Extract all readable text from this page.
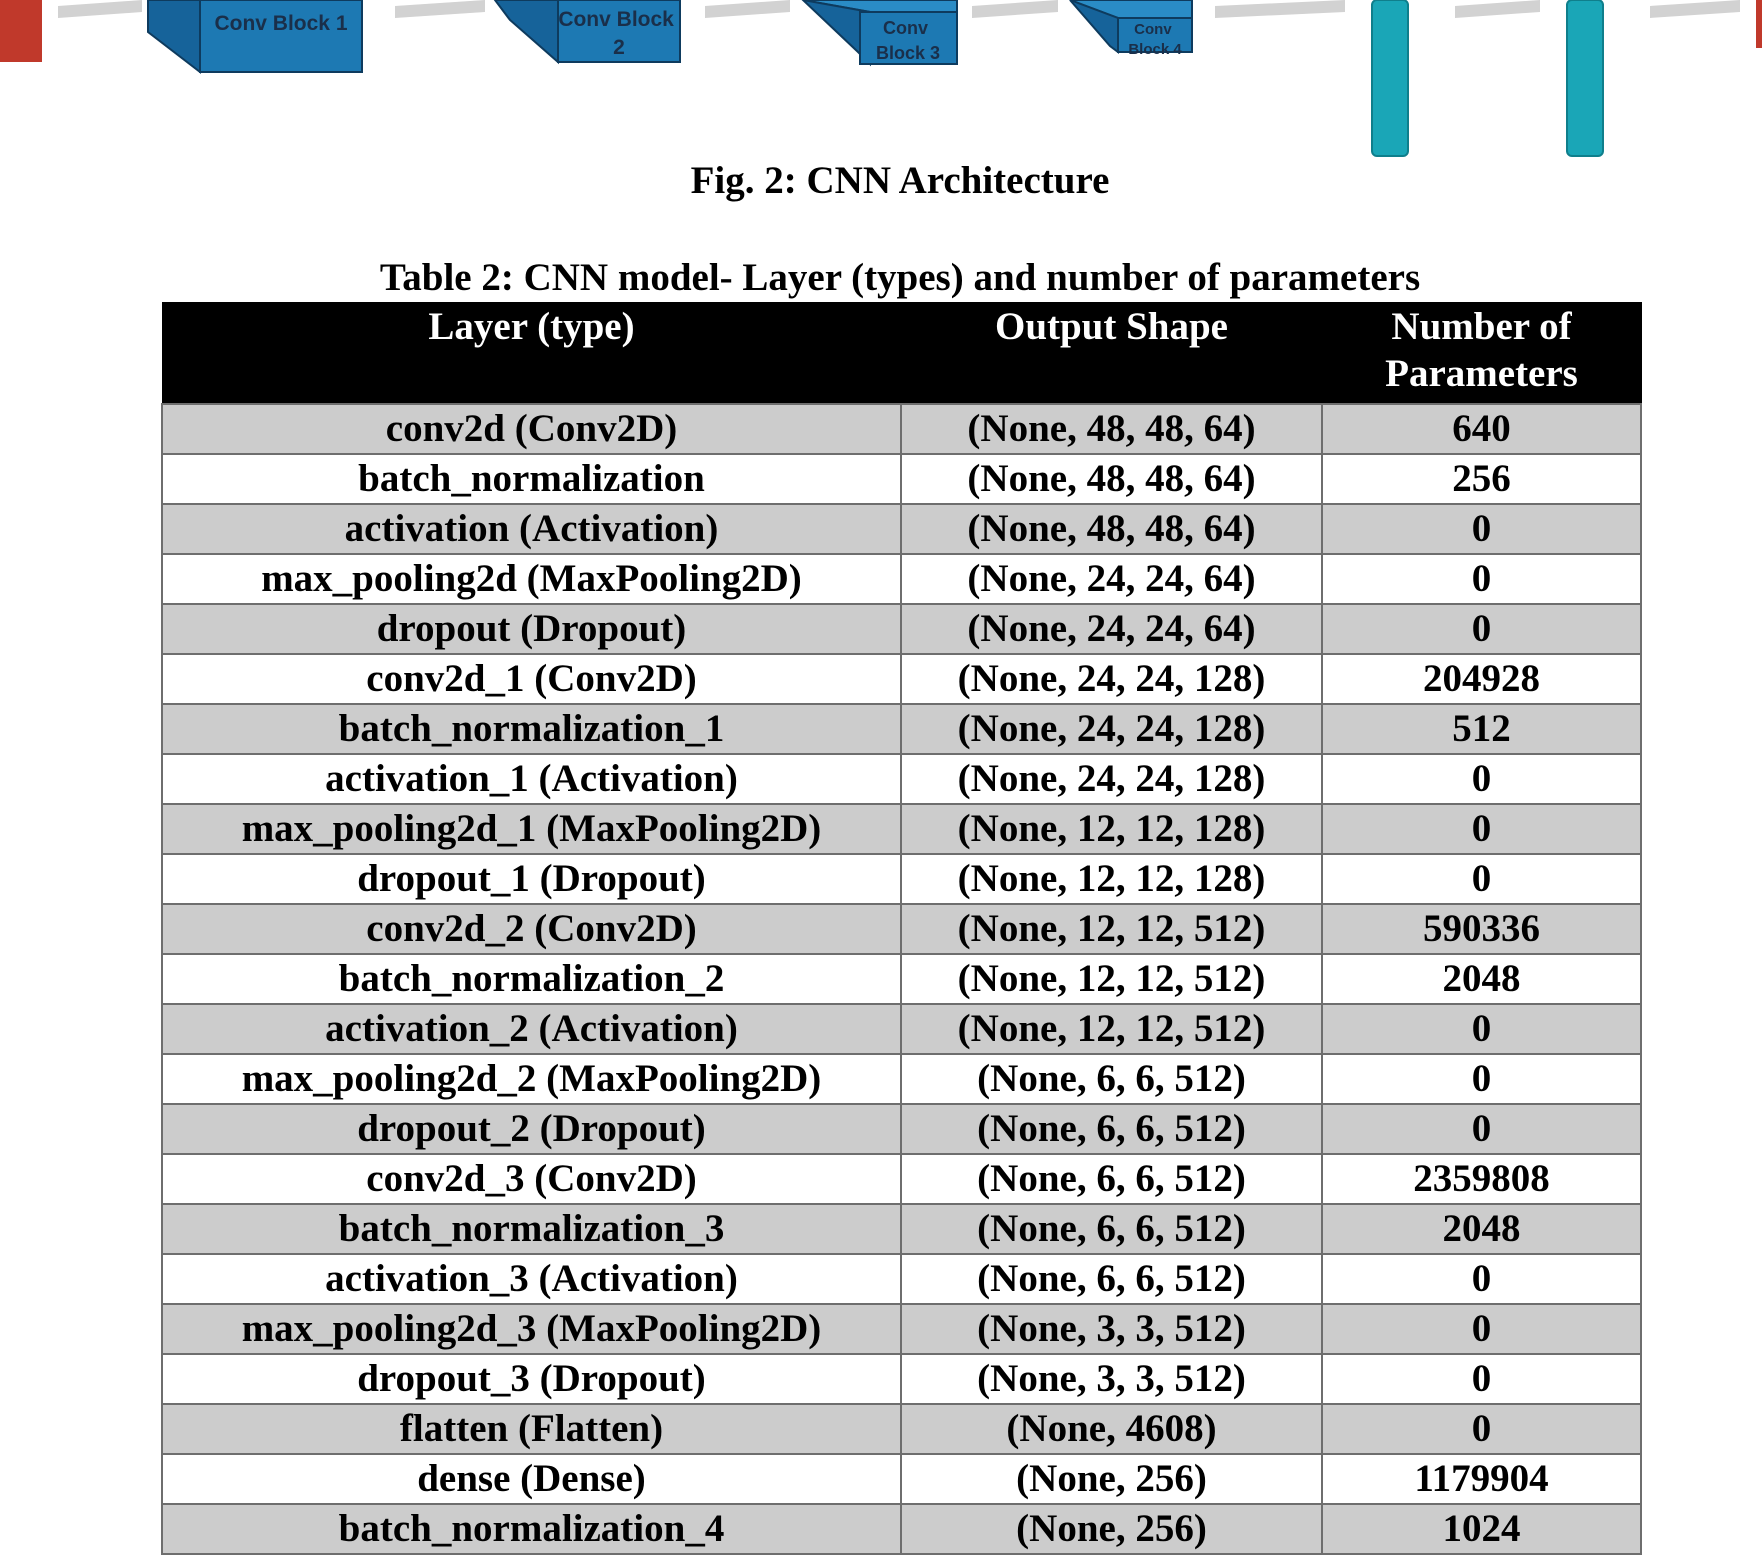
Conv Block 1	Conv Block 2
Conv Block 3
Conv Block 4

Fig. 2: CNN Architecture

Table 2: CNN model- Layer (types) and number of parameters

Layer (type)	Output Shape	Number of
Parameters
conv2d (Conv2D)	(None, 48, 48, 64)	640
batch_normalization	(None, 48, 48, 64)	256
activation (Activation)	(None, 48, 48, 64)	0
max_pooling2d (MaxPooling2D)	(None, 24, 24, 64)	0
dropout (Dropout)	(None, 24, 24, 64)	0
conv2d_1 (Conv2D)	(None, 24, 24, 128)	204928
batch_normalization_1	(None, 24, 24, 128)	512
activation_1 (Activation)	(None, 24, 24, 128)	0
max_pooling2d_1 (MaxPooling2D)	(None, 12, 12, 128)	0
dropout_1 (Dropout)	(None, 12, 12, 128)	0
conv2d_2 (Conv2D)	(None, 12, 12, 512)	590336
batch_normalization_2	(None, 12, 12, 512)	2048
activation_2 (Activation)	(None, 12, 12, 512)	0
max_pooling2d_2 (MaxPooling2D)	(None, 6, 6, 512)	0
dropout_2 (Dropout)	(None, 6, 6, 512)	0
conv2d_3 (Conv2D)	(None, 6, 6, 512)	2359808
batch_normalization_3	(None, 6, 6, 512)	2048
activation_3 (Activation)	(None, 6, 6, 512)	0
max_pooling2d_3 (MaxPooling2D)	(None, 3, 3, 512)	0
dropout_3 (Dropout)	(None, 3, 3, 512)	0
flatten (Flatten)	(None, 4608)	0
dense (Dense)	(None, 256)	1179904
batch_normalization_4	(None, 256)	1024
